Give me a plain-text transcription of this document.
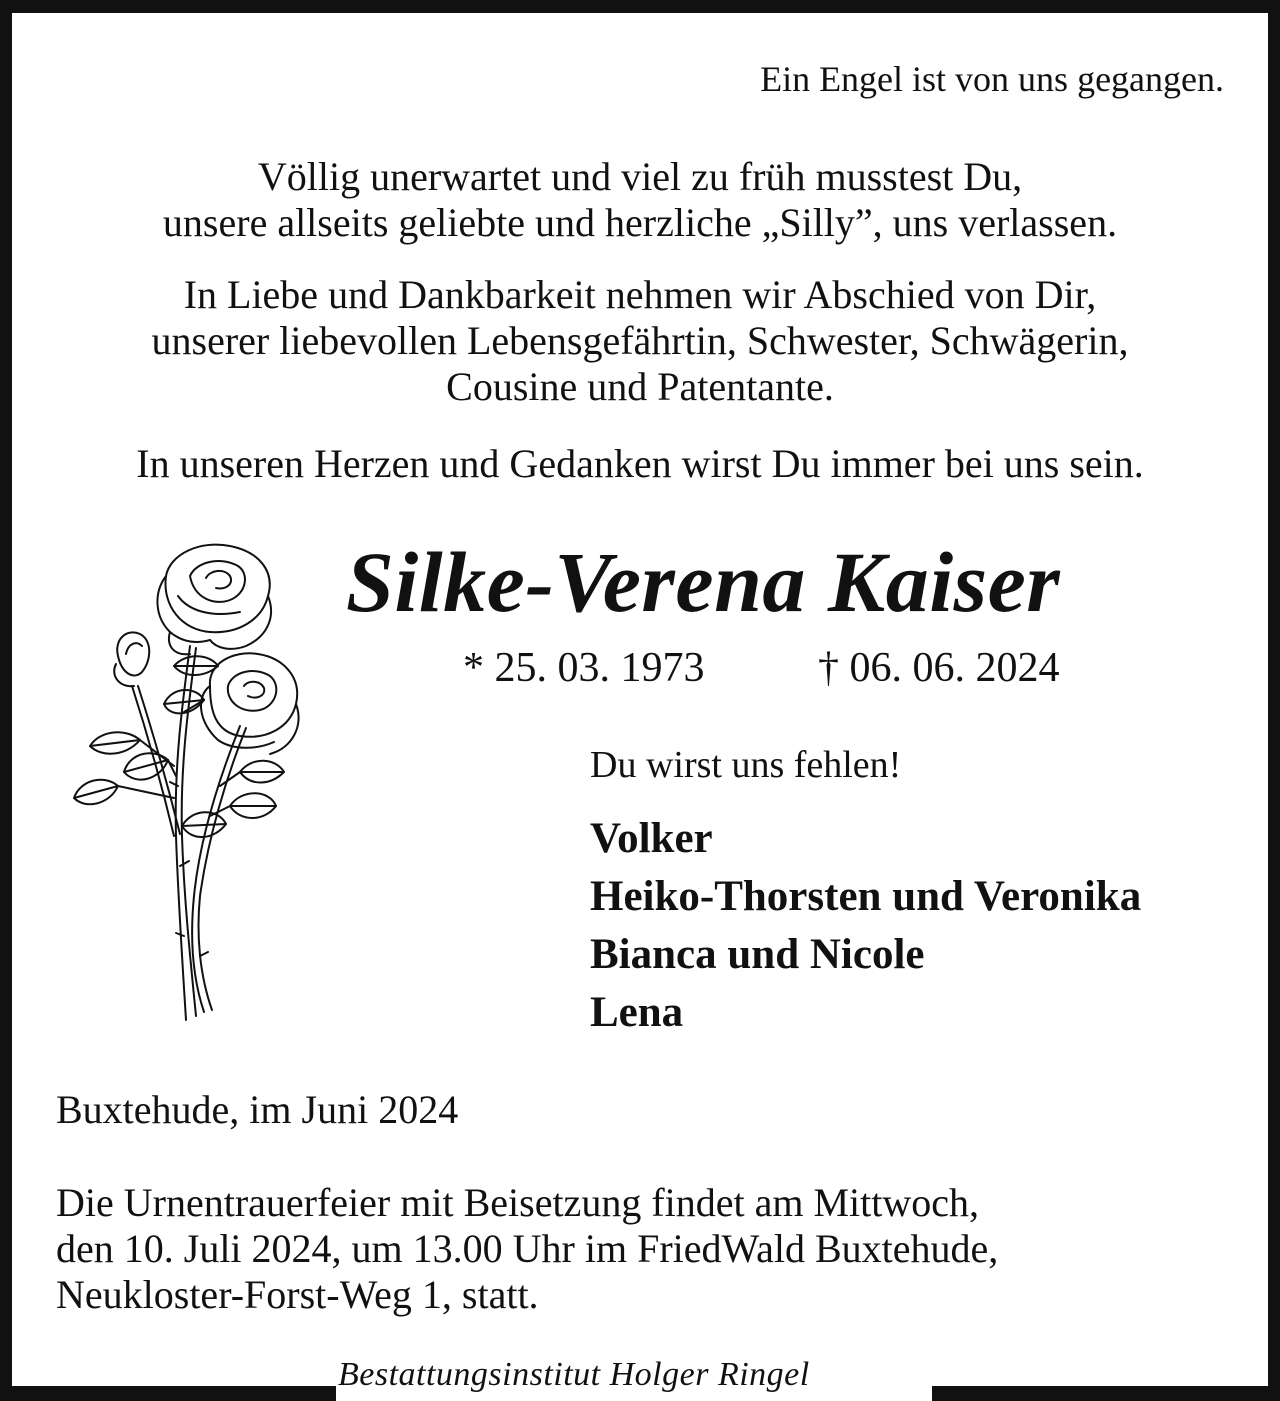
Ein Engel ist von uns gegangen.
Völlig unerwartet und viel zu früh musstest Du,
unsere allseits geliebte und herzliche „Silly”, uns verlassen.
In Liebe und Dankbarkeit nehmen wir Abschied von Dir,
unserer liebevollen Lebensgefährtin, Schwester, Schwägerin,
Cousine und Patentante.
In unseren Herzen und Gedanken wirst Du immer bei uns sein.
Silke-Verena Kaiser
* 25. 03. 1973	† 06. 06. 2024
Du wirst uns fehlen!
Volker
Heiko-Thorsten und Veronika
Bianca und Nicole
Lena
Buxtehude, im Juni 2024
Die Urnentrauerfeier mit Beisetzung findet am Mittwoch,
den 10. Juli 2024, um 13.00 Uhr im FriedWald Buxtehude,
Neukloster-Forst-Weg 1, statt.
Bestattungsinstitut Holger Ringel
